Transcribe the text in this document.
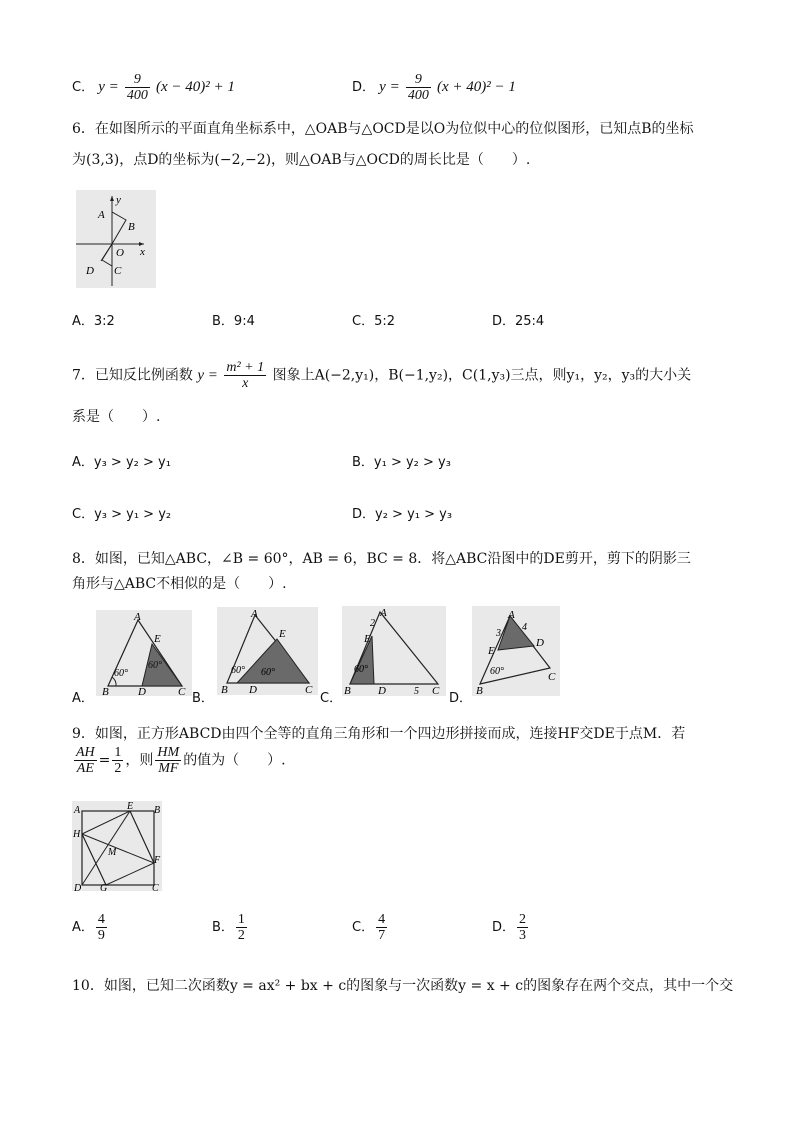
C． $y = \frac{9}{400} (x - 40)^2 + 1$	D． $y = \frac{9}{400} (x + 40)^2 - 1$
6．在如图所示的平面直角坐标系中，△OAB与△OCD是以O为位似中心的位似图形，已知点B的坐标
为(3,3)，点D的坐标为(−2,−2)，则△OAB与△OCD的周长比是（　　）.
y
x
A
B
O
D C
A．3:2	B．9:4	C．5:2	D．25:4
7．已知反比例函数 $y = \frac{\text{m² + 1}}{x}$ 图象上A(−2,y₁)，B(−1,y₂)，C(1,y₃)三点，则y₁，y₂，y₃的大小关
系是（　　）.
A．y₃ > y₂ > y₁	B．y₁ > y₂ > y₃
C．y₃ > y₁ > y₂	D．y₂ > y₁ > y₃
8．如图，已知△ABC，∠B = 60°，AB = 6，BC = 8．将△ABC沿图中的DE剪开，剪下的阴影三
角形与△ABC不相似的是（　　）.
A．
A
E
60°
60°
B	D	C B．
A
E
60° 60°
B D	C
C．
A
2
E
60°
B D	5 C D．
A
3
4
E
D
60°
B
C
9．如图，正方形ABCD由四个全等的直角三角形和一个四边形拼接而成，连接HF交DE于点M．若
$\frac{AH}{AE} = \frac{1}{2}$ ，则 $\frac{HM}{MF}$ 的值为（　　）.
A	E B
H
M
F
D G	C
A． $\frac{4}{9}$	B． $\frac{1}{2}$	C． $\frac{4}{7}$	D． $\frac{2}{3}$
10．如图，已知二次函数y = ax² + bx + c的图象与一次函数y = x + c的图象存在两个交点，其中一个交
